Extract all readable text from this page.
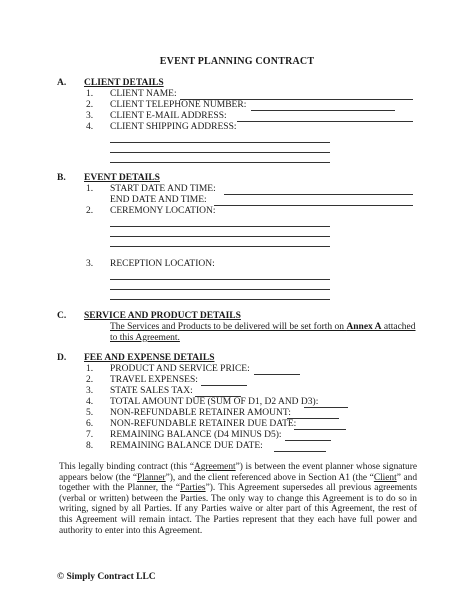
EVENT PLANNING CONTRACT
A. CLIENT DETAILS
1. CLIENT NAME:
2. CLIENT TELEPHONE NUMBER:
3. CLIENT E-MAIL ADDRESS:
4. CLIENT SHIPPING ADDRESS:
B. EVENT DETAILS
1. START DATE AND TIME:
END DATE AND TIME:
2. CEREMONY LOCATION:
3. RECEPTION LOCATION:
C. SERVICE AND PRODUCT DETAILS
The Services and Products to be delivered will be set forth on Annex A attached to this Agreement.
D. FEE AND EXPENSE DETAILS
1. PRODUCT AND SERVICE PRICE:
2. TRAVEL EXPENSES:
3. STATE SALES TAX:
4. TOTAL AMOUNT DUE (SUM OF D1, D2 AND D3):
5. NON-REFUNDABLE RETAINER AMOUNT:
6. NON-REFUNDABLE RETAINER DUE DATE:
7. REMAINING BALANCE (D4 MINUS D5):
8. REMAINING BALANCE DUE DATE:
This legally binding contract (this “Agreement”) is between the event planner whose signature appears below (the “Planner”), and the client referenced above in Section A1 (the “Client” and together with the Planner, the “Parties”). This Agreement supersedes all previous agreements (verbal or written) between the Parties. The only way to change this Agreement is to do so in writing, signed by all Parties. If any Parties waive or alter part of this Agreement, the rest of this Agreement will remain intact. The Parties represent that they each have full power and authority to enter into this Agreement.
© Simply Contract LLC
